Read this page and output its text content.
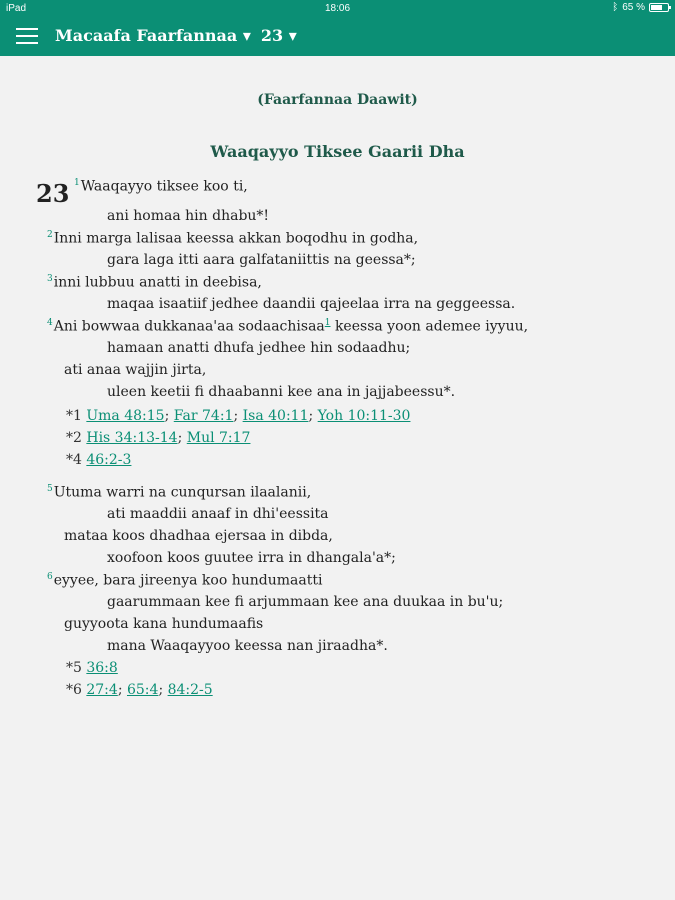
iPad	18:06	ᛒ 65 %
Macaafa Faarfannaa ▾ 23 ▾
(Faarfannaa Daawit)
Waaqayyo Tiksee Gaarii Dha
23 $^1$Waaqayyo tiksee koo ti,
ani homaa hin dhabu*!
$^2$Inni marga lalisaa keessa akkan boqodhu in godha,
gara laga itti aara galfataniittis na geessa*;
$^3$inni lubbuu anatti in deebisa,
maqaa isaatiif jedhee daandii qajeelaa irra na geggeessa.
$^4$Ani bowwaa dukkanaa'aa sodaachisaa$^1$ keessa yoon ademee iyyuu,
hamaan anatti dhufa jedhee hin sodaadhu;
ati anaa wajjin jirta,
uleen keetii fi dhaabanni kee ana in jajjabeessu*.
$^5$Utuma warri na cunqursan ilaalanii,
ati maaddii anaaf in dhi'eessita
mataa koos dhadhaa ejersaa in dibda,
xoofoon koos guutee irra in dhangala'a*;
$^6$eyyee, bara jireenya koo hundumaatti
gaarummaan kee fi arjummaan kee ana duukaa in bu'u;
guyyoota kana hundumaafis
mana Waaqayyoo keessa nan jiraadha*.
*1 Uma 48:15; Far 74:1; Isa 40:11; Yoh 10:11-30
*2 His 34:13-14; Mul 7:17
*4 46:2-3
*5 36:8
*6 27:4; 65:4; 84:2-5
